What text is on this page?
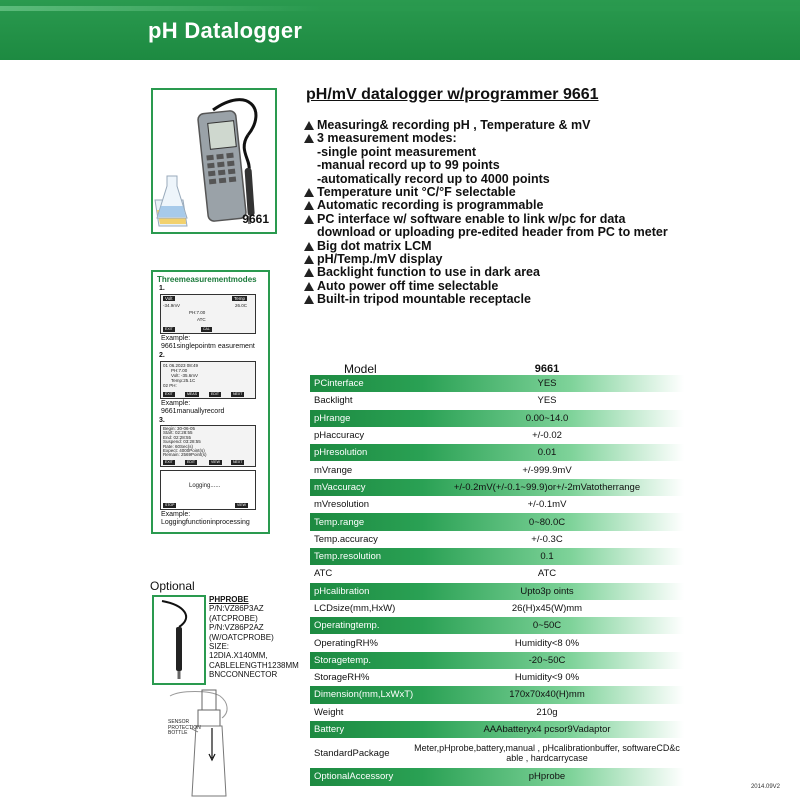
pH Datalogger
9661
pH/mV datalogger w/programmer 9661
Measuring& recording pH , Temperature & mV
3 measurement modes:
-single point measurement
-manual record up to 99 points
-automatically record up to 4000 points
Temperature unit °C/°F selectable
Automatic recording is programmable
PC interface w/ software enable to link w/pc for data download or uploading pre-edited header from PC to meter
Big dot matrix LCM
pH/Temp./mV display
Backlight function to use in dark area
Auto power off time selectable
Built-in tripod mountable receptacle
Threemeasurementmodes
1.
Volt	Temp
-34.9mV	26.0C
PH:7.00
ATC
EXIT	CAL
Example:
9661singlepointm easurement
2.
01 06.2023 08:49
PH:7.00
Volt: -35.6mV
Temp:25.1C
02 PH:
EXIT	MEAS	EDIT	NEXT
Example:
9661manuallyrecord
3.
Begin: 30-06-05
Start: 02:28:55
End: 02:28:55
Suspend: 03:28:55
Rate: 60Sec(s)
Expect: 4000Point(s)
Remain: 2569Point(s)
EXIT	EDIT	VIEW	NEXT
Logging......
STOP	VIEW
Example:
Loggingfunctioninprocessing
Optional
PHPROBE
P/N:VZ86P3AZ
(ATCPROBE)
P/N:VZ86P2AZ
(W/OATCPROBE)
SIZE:
12DIA.X140MM,
CABLELENGTH1238MM
BNCCONNECTOR
SENSOR
PROTECTION
BOTTLE
Model	9661
PCinterface	YES
Backlight	YES
pHrange	0.00~14.0
pHaccuracy	+/-0.02
pHresolution	0.01
mVrange	+/-999.9mV
mVaccuracy	+/-0.2mV(+/-0.1~99.9)or+/-2mVatotherrange
mVresolution	+/-0.1mV
Temp.range	0~80.0C
Temp.accuracy	+/-0.3C
Temp.resolution	0.1
ATC	ATC
pHcalibration	Upto3p oints
LCDsize(mm,HxW)	26(H)x45(W)mm
Operatingtemp.	0~50C
OperatingRH%	Humidity<8 0%
Storagetemp.	-20~50C
StorageRH%	Humidity<9 0%
Dimension(mm,LxWxT)	170x70x40(H)mm
Weight	210g
Battery	AAAbatteryx4 pcsor9Vadaptor
StandardPackage	Meter,pHprobe,battery,manual , pHcalibrationbuffer, softwareCD&c able , hardcarrycase
OptionalAccessory	pHprobe
2014.09V2
